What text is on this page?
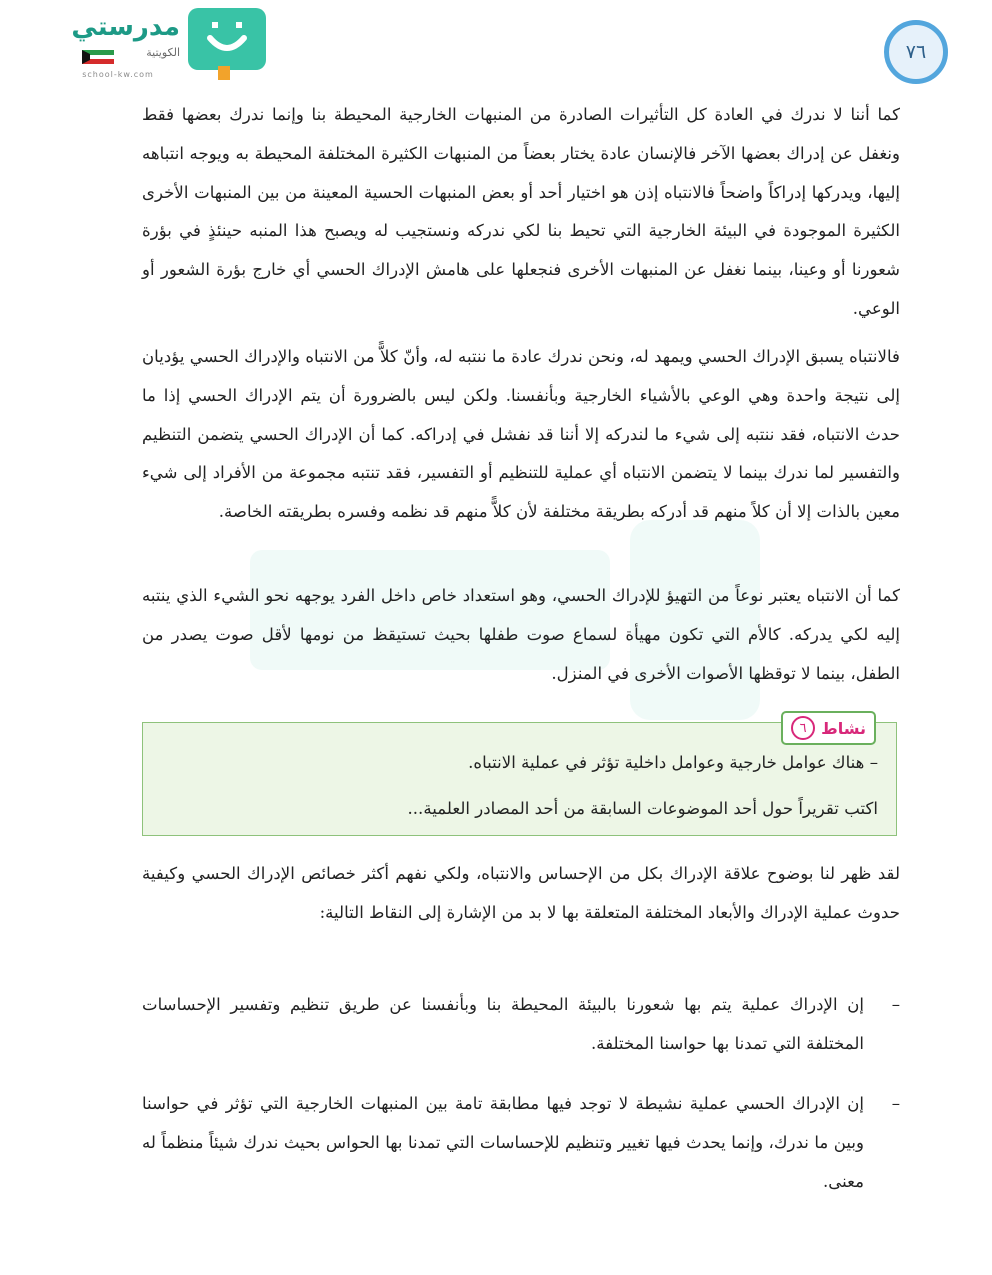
مدرستي
الكويتية
school-kw.com
٧٦

كما أننا لا ندرك في العادة كل التأثيرات الصادرة من المنبهات الخارجية المحيطة بنا وإنما ندرك بعضها فقط ونغفل عن إدراك بعضها الآخر فالإنسان عادة يختار بعضاً من المنبهات الكثيرة المختلفة المحيطة به ويوجه انتباهه إليها، ويدركها إدراكاً واضحاً فالانتباه إذن هو اختيار أحد أو بعض المنبهات الحسية المعينة من بين المنبهات الأخرى الكثيرة الموجودة في البيئة الخارجية التي تحيط بنا لكي ندركه ونستجيب له ويصبح هذا المنبه حينئذٍ في بؤرة شعورنا أو وعينا، بينما نغفل عن المنبهات الأخرى فنجعلها على هامش الإدراك الحسي أي خارج بؤرة الشعور أو الوعي.

فالانتباه يسبق الإدراك الحسي ويمهد له، ونحن ندرك عادة ما ننتبه له، وأنّ كلاًّ من الانتباه والإدراك الحسي يؤديان إلى نتيجة واحدة وهي الوعي بالأشياء الخارجية وبأنفسنا. ولكن ليس بالضرورة أن يتم الإدراك الحسي إذا ما حدث الانتباه، فقد ننتبه إلى شيء ما لندركه إلا أننا قد نفشل في إدراكه. كما أن الإدراك الحسي يتضمن التنظيم والتفسير لما ندرك بينما لا يتضمن الانتباه أي عملية للتنظيم أو التفسير، فقد تنتبه مجموعة من الأفراد إلى شيء معين بالذات إلا أن كلاً منهم قد أدركه بطريقة مختلفة لأن كلاًّ منهم قد نظمه وفسره بطريقته الخاصة.

كما أن الانتباه يعتبر نوعاً من التهيؤ للإدراك الحسي، وهو استعداد خاص داخل الفرد يوجهه نحو الشيء الذي ينتبه إليه لكي يدركه. كالأم التي تكون مهيأة لسماع صوت طفلها بحيث تستيقظ من نومها لأقل صوت يصدر من الطفل، بينما لا توقظها الأصوات الأخرى في المنزل.

نشاط
٦
– هناك عوامل خارجية وعوامل داخلية تؤثر في عملية الانتباه.
اكتب تقريراً حول أحد الموضوعات السابقة من أحد المصادر العلمية...

لقد ظهر لنا بوضوح علاقة الإدراك بكل من الإحساس والانتباه، ولكي نفهم أكثر خصائص الإدراك الحسي وكيفية حدوث عملية الإدراك والأبعاد المختلفة المتعلقة بها لا بد من الإشارة إلى النقاط التالية:

–

إن الإدراك عملية يتم بها شعورنا بالبيئة المحيطة بنا وبأنفسنا عن طريق تنظيم وتفسير الإحساسات المختلفة التي تمدنا بها حواسنا المختلفة.

–

إن الإدراك الحسي عملية نشيطة لا توجد فيها مطابقة تامة بين المنبهات الخارجية التي تؤثر في حواسنا وبين ما ندرك، وإنما يحدث فيها تغيير وتنظيم للإحساسات التي تمدنا بها الحواس بحيث ندرك شيئاً منظماً له معنى.
